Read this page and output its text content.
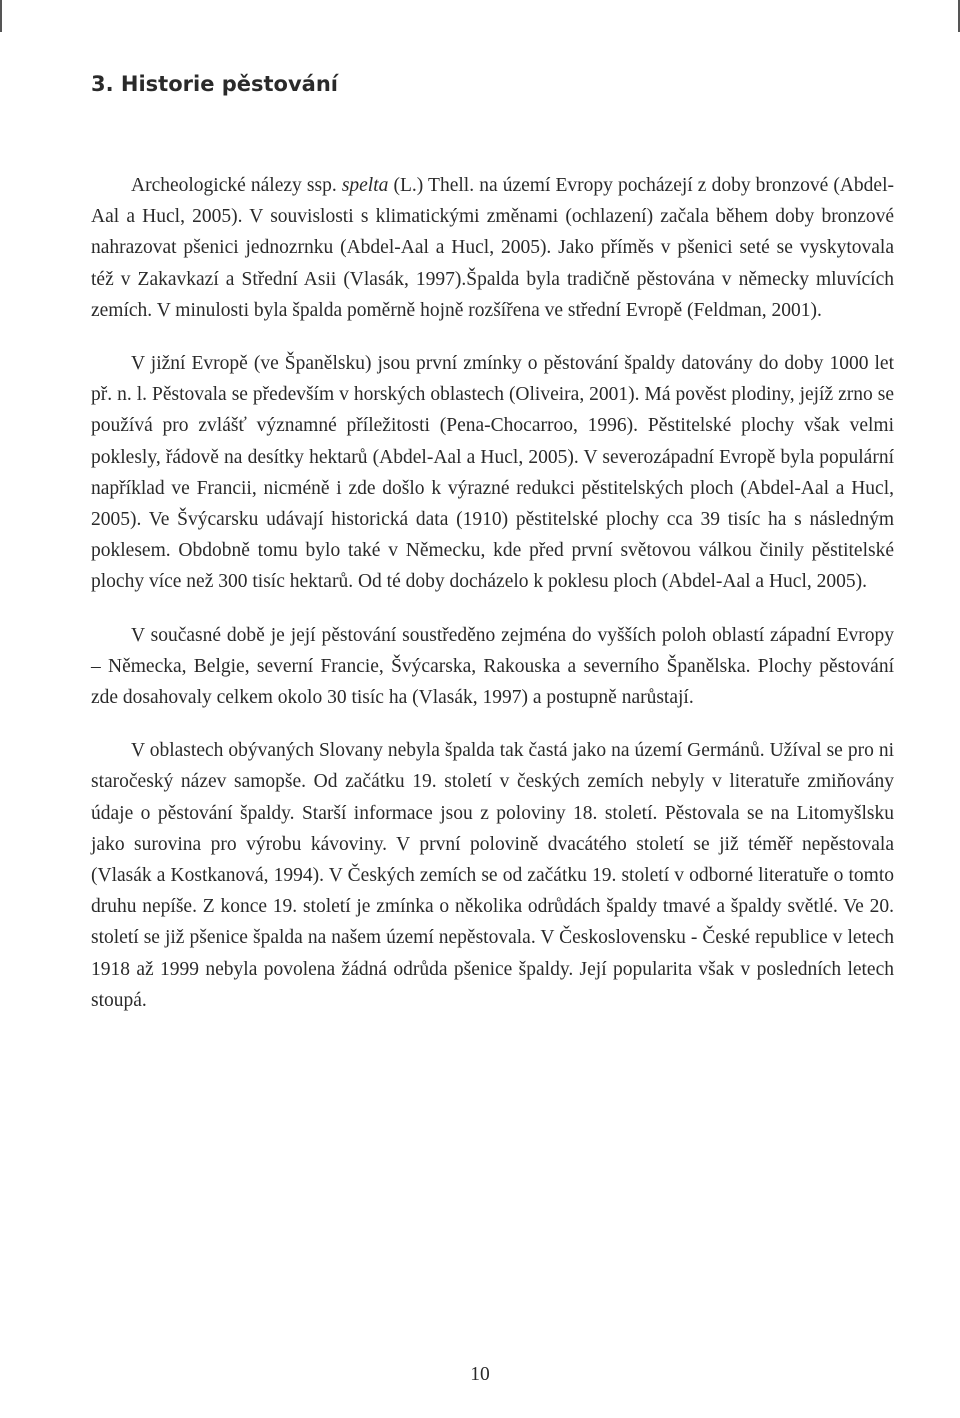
3. Historie pěstování

Archeologické nálezy ssp. spelta (L.) Thell. na území Evropy pocházejí z doby bronzové (Abdel-Aal a Hucl, 2005). V souvislosti s klimatickými změnami (ochlazení) začala během doby bronzové nahrazovat pšenici jednozrnku (Abdel-Aal a Hucl, 2005). Jako příměs v pšenici seté se vyskytovala též v Zakavkazí a Střední Asii (Vlasák, 1997).Špalda byla tradičně pěstována v německy mluvících zemích. V minulosti byla špalda poměrně hojně rozšířena ve střední Evropě (Feldman, 2001).

V jižní Evropě (ve Španělsku) jsou první zmínky o pěstování špaldy datovány do doby 1000 let př. n. l. Pěstovala se především v horských oblastech (Oliveira, 2001). Má pověst plodiny, jejíž zrno se používá pro zvlášť významné příležitosti (Pena-Chocarroo, 1996). Pěstitelské plochy však velmi poklesly, řádově na desítky hektarů (Abdel-Aal a Hucl, 2005). V severozápadní Evropě byla populární například ve Francii, nicméně i zde došlo k výrazné redukci pěstitelských ploch (Abdel-Aal a Hucl, 2005). Ve Švýcarsku udávají historická data (1910) pěstitelské plochy cca 39 tisíc ha s následným poklesem. Obdobně tomu bylo také v Německu, kde před první světovou válkou činily pěstitelské plochy více než 300 tisíc hektarů. Od té doby docházelo k poklesu ploch (Abdel-Aal a Hucl, 2005).

V současné době je její pěstování soustředěno zejména do vyšších poloh oblastí západní Evropy – Německa, Belgie, severní Francie, Švýcarska, Rakouska a severního Španělska. Plochy pěstování zde dosahovaly celkem okolo 30 tisíc ha (Vlasák, 1997) a postupně narůstají.

V oblastech obývaných Slovany nebyla špalda tak častá jako na území Germánů. Užíval se pro ni staročeský název samopše. Od začátku 19. století v českých zemích nebyly v literatuře zmiňovány údaje o pěstování špaldy. Starší informace jsou z poloviny 18. století. Pěstovala se na Litomyšlsku jako surovina pro výrobu kávoviny. V první polovině dvacátého století se již téměř nepěstovala (Vlasák a Kostkanová, 1994). V Českých zemích se od začátku 19. století v odborné literatuře o tomto druhu nepíše. Z konce 19. století je zmínka o několika odrůdách špaldy tmavé a špaldy světlé. Ve 20. století se již pšenice špalda na našem území nepěstovala. V Československu - České republice v letech 1918 až 1999 nebyla povolena žádná odrůda pšenice špaldy. Její popularita však v posledních letech stoupá.

10
